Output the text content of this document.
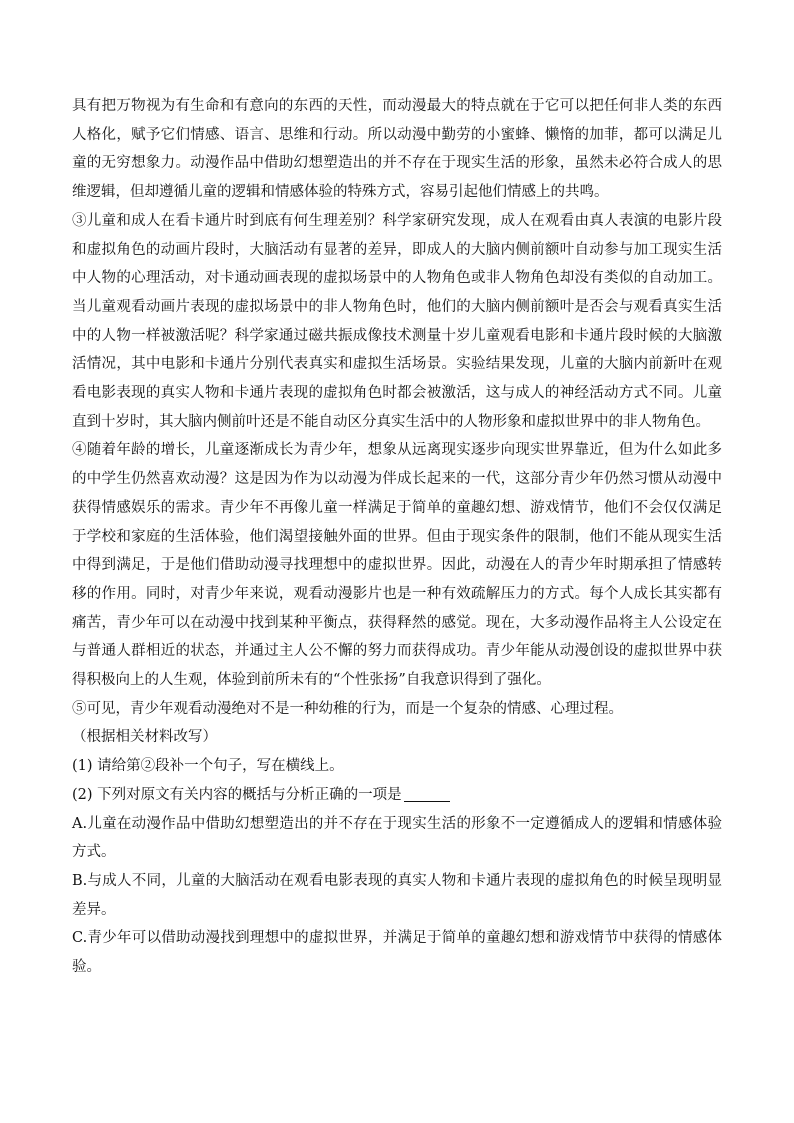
具有把万物视为有生命和有意向的东西的天性，而动漫最大的特点就在于它可以把任何非人类的东西人格化，赋予它们情感、语言、思维和行动。所以动漫中勤劳的小蜜蜂、懒惰的加菲，都可以满足儿童的无穷想象力。动漫作品中借助幻想塑造出的并不存在于现实生活的形象，虽然未必符合成人的思维逻辑，但却遵循儿童的逻辑和情感体验的特殊方式，容易引起他们情感上的共鸣。

③儿童和成人在看卡通片时到底有何生理差别？科学家研究发现，成人在观看由真人表演的电影片段和虚拟角色的动画片段时，大脑活动有显著的差异，即成人的大脑内侧前额叶自动参与加工现实生活中人物的心理活动，对卡通动画表现的虚拟场景中的人物角色或非人物角色却没有类似的自动加工。当儿童观看动画片表现的虚拟场景中的非人物角色时，他们的大脑内侧前额叶是否会与观看真实生活中的人物一样被激活呢？科学家通过磁共振成像技术测量十岁儿童观看电影和卡通片段时候的大脑激活情况，其中电影和卡通片分别代表真实和虚拟生活场景。实验结果发现，儿童的大脑内前新叶在观看电影表现的真实人物和卡通片表现的虚拟角色时都会被激活，这与成人的神经活动方式不同。儿童直到十岁时，其大脑内侧前叶还是不能自动区分真实生活中的人物形象和虚拟世界中的非人物角色。

④随着年龄的增长，儿童逐渐成长为青少年，想象从远离现实逐步向现实世界靠近，但为什么如此多的中学生仍然喜欢动漫？这是因为作为以动漫为伴成长起来的一代，这部分青少年仍然习惯从动漫中获得情感娱乐的需求。青少年不再像儿童一样满足于简单的童趣幻想、游戏情节，他们不会仅仅满足于学校和家庭的生活体验，他们渴望接触外面的世界。但由于现实条件的限制，他们不能从现实生活中得到满足，于是他们借助动漫寻找理想中的虚拟世界。因此，动漫在人的青少年时期承担了情感转移的作用。同时，对青少年来说，观看动漫影片也是一种有效疏解压力的方式。每个人成长其实都有痛苦，青少年可以在动漫中找到某种平衡点，获得释然的感觉。现在，大多动漫作品将主人公设定在与普通人群相近的状态，并通过主人公不懈的努力而获得成功。青少年能从动漫创设的虚拟世界中获得积极向上的人生观，体验到前所未有的“个性张扬”自我意识得到了强化。

⑤可见，青少年观看动漫绝对不是一种幼稚的行为，而是一个复杂的情感、心理过程。

（根据相关材料改写）

(1) 请给第②段补一个句子，写在横线上。

(2) 下列对原文有关内容的概括与分析正确的一项是

A.儿童在动漫作品中借助幻想塑造出的并不存在于现实生活的形象不一定遵循成人的逻辑和情感体验方式。

B.与成人不同，儿童的大脑活动在观看电影表现的真实人物和卡通片表现的虚拟角色的时候呈现明显差异。

C.青少年可以借助动漫找到理想中的虚拟世界，并满足于简单的童趣幻想和游戏情节中获得的情感体验。
